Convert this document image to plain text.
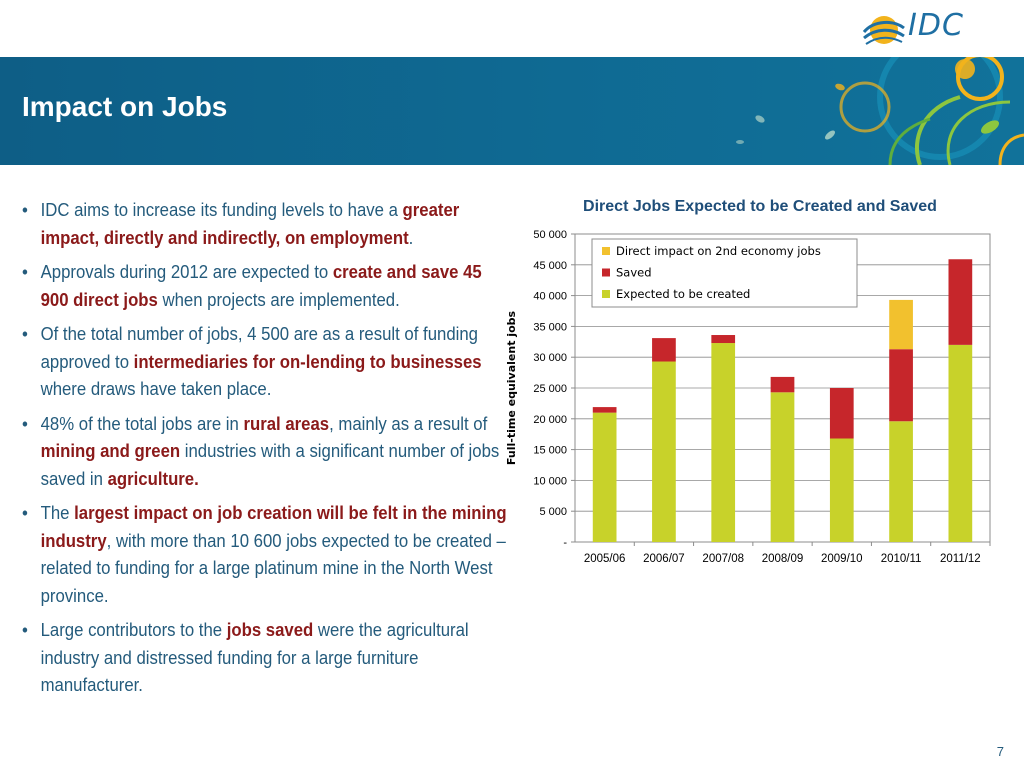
IDC
Impact on Jobs
• IDC aims to increase its funding levels to have a greater impact, directly and indirectly, on employment.
• Approvals during 2012 are expected to create and save 45 900 direct jobs when projects are implemented.
• Of the total number of jobs, 4 500 are as a result of funding approved to intermediaries for on-lending to businesses where draws have taken place.
• 48% of the total jobs are in rural areas, mainly as a result of mining and green industries with a significant number of jobs saved in agriculture.
• The largest impact on job creation will be felt in the mining industry, with more than 10 600 jobs expected to be created – related to funding for a large platinum mine in the North West province.
• Large contributors to the jobs saved were the agricultural industry and distressed funding for a large furniture manufacturer.
Direct Jobs Expected to be Created and Saved
-
5 000
10 000
15 000
20 000
25 000
30 000
35 000
40 000
45 000
50 000
Full-time equivalent jobs
2005/06 2006/07 2007/08 2008/09 2009/10 2010/11 2011/12
Direct impact on 2nd economy jobs
Saved
Expected to be created
7
